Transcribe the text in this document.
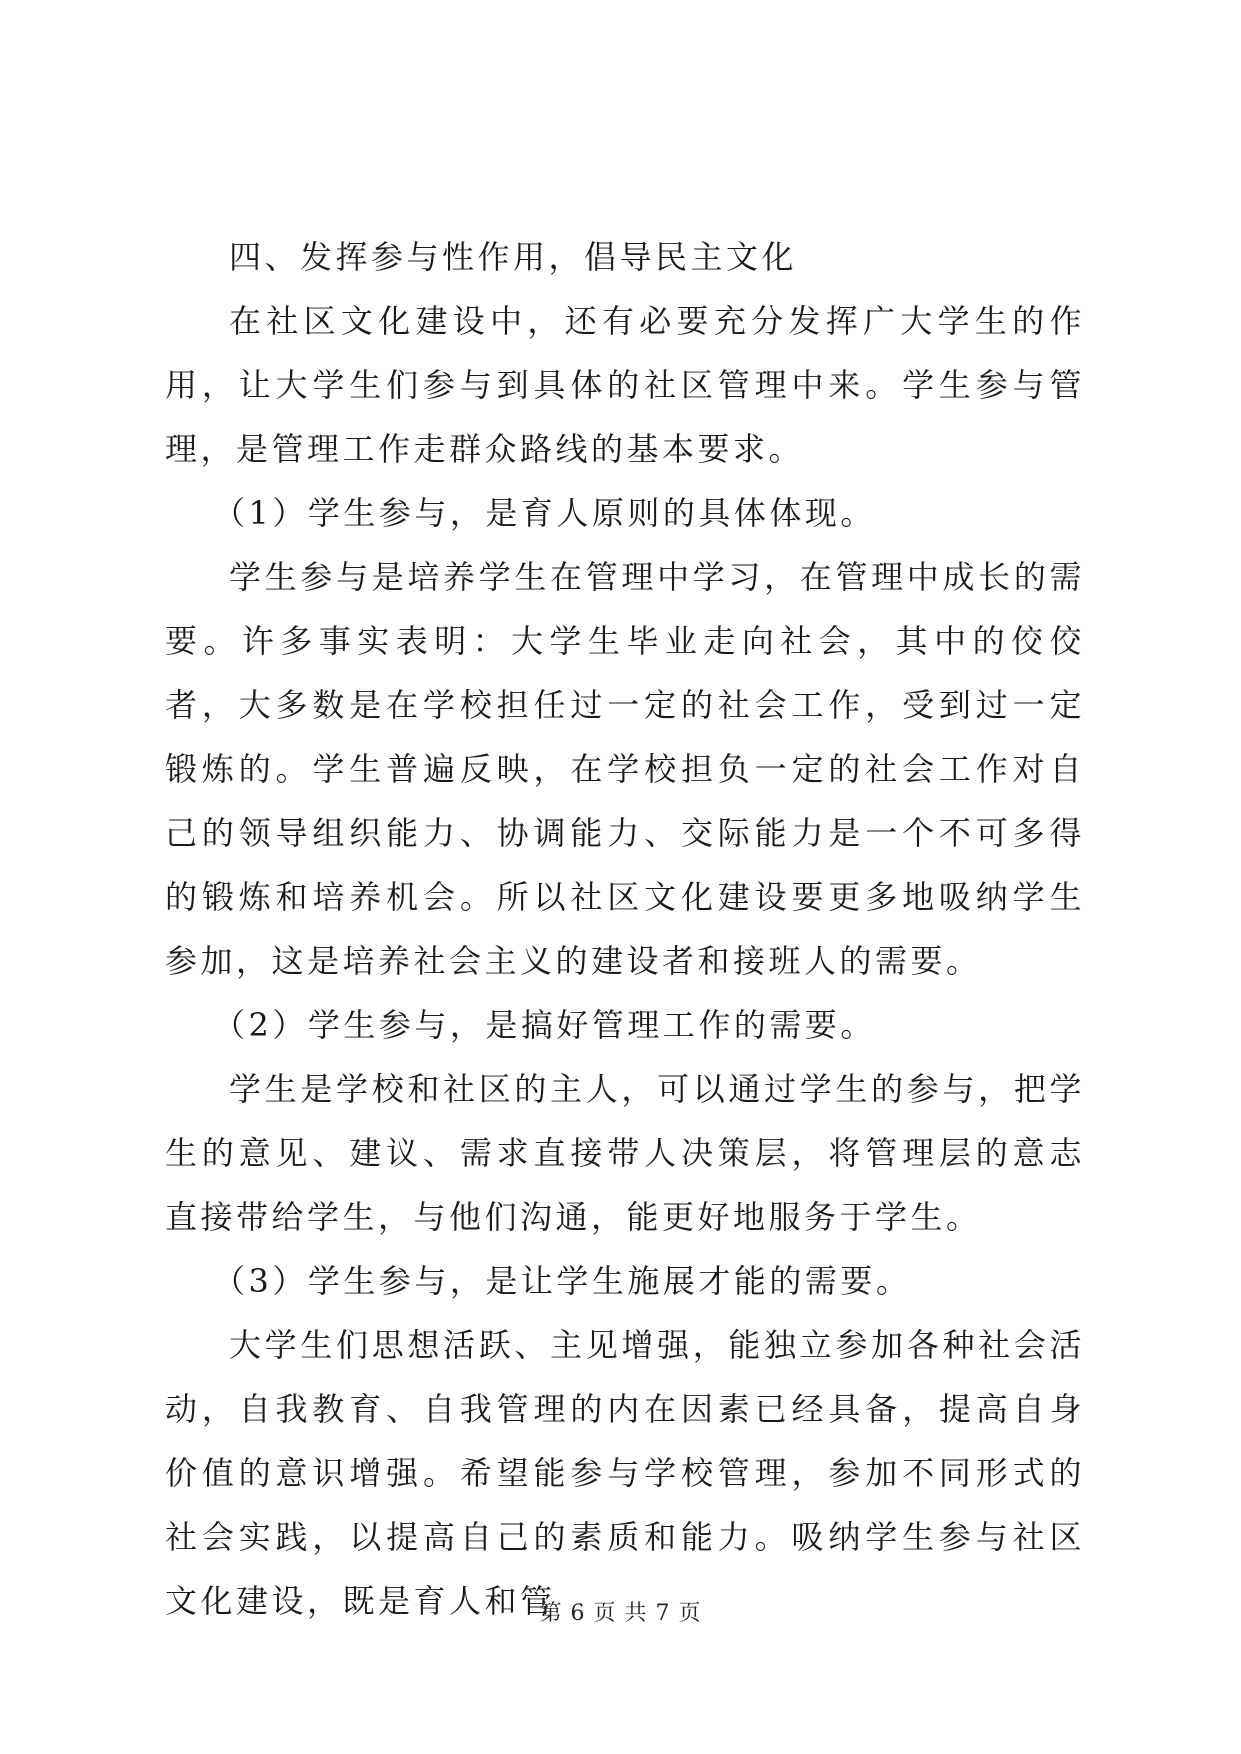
四、发挥参与性作用，倡导民主文化

在社区文化建设中，还有必要充分发挥广大学生的作用，让大学生们参与到具体的社区管理中来。学生参与管理，是管理工作走群众路线的基本要求。

（1）学生参与，是育人原则的具体体现。

学生参与是培养学生在管理中学习，在管理中成长的需要。许多事实表明：大学生毕业走向社会，其中的佼佼者，大多数是在学校担任过一定的社会工作，受到过一定锻炼的。学生普遍反映，在学校担负一定的社会工作对自己的领导组织能力、协调能力、交际能力是一个不可多得的锻炼和培养机会。所以社区文化建设要更多地吸纳学生参加，这是培养社会主义的建设者和接班人的需要。

（2）学生参与，是搞好管理工作的需要。

学生是学校和社区的主人，可以通过学生的参与，把学生的意见、建议、需求直接带人决策层，将管理层的意志直接带给学生，与他们沟通，能更好地服务于学生。

（3）学生参与，是让学生施展才能的需要。

大学生们思想活跃、主见增强，能独立参加各种社会活动，自我教育、自我管理的内在因素已经具备，提高自身价值的意识增强。希望能参与学校管理，参加不同形式的社会实践，以提高自己的素质和能力。吸纳学生参与社区文化建设，既是育人和管

第 6 页 共 7 页
